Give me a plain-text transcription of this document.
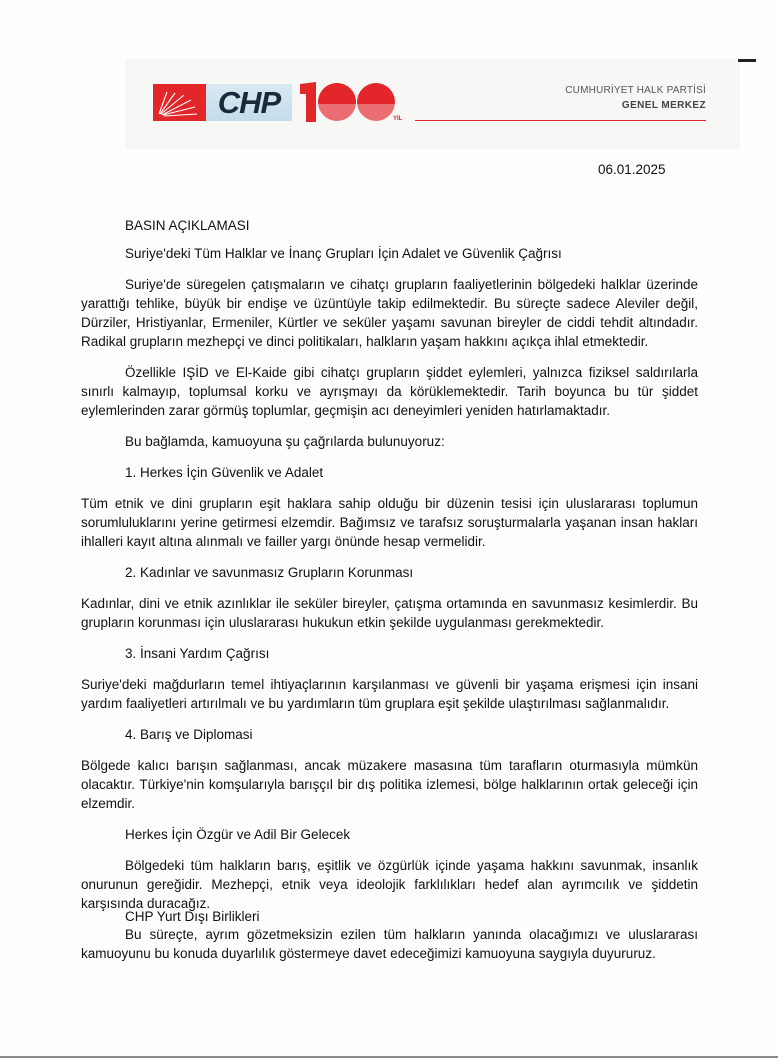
CHP	YIL
CUMHURİYET HALK PARTİSİ
GENEL MERKEZ
06.01.2025

BASIN AÇIKLAMASI

Suriye'deki Tüm Halklar ve İnanç Grupları İçin Adalet ve Güvenlik Çağrısı

Suriye'de süregelen çatışmaların ve cihatçı grupların faaliyetlerinin bölgedeki halklar üzerinde yarattığı tehlike, büyük bir endişe ve üzüntüyle takip edilmektedir. Bu süreçte sadece Aleviler değil, Dürziler, Hristiyanlar, Ermeniler, Kürtler ve seküler yaşamı savunan bireyler de ciddi tehdit altındadır. Radikal grupların mezhepçi ve dinci politikaları, halkların yaşam hakkını açıkça ihlal etmektedir.

Özellikle IŞİD ve El-Kaide gibi cihatçı grupların şiddet eylemleri, yalnızca fiziksel saldırılarla sınırlı kalmayıp, toplumsal korku ve ayrışmayı da körüklemektedir. Tarih boyunca bu tür şiddet eylemlerinden zarar görmüş toplumlar, geçmişin acı deneyimleri yeniden hatırlamaktadır.

Bu bağlamda, kamuoyuna şu çağrılarda bulunuyoruz:

1. Herkes İçin Güvenlik ve Adalet

Tüm etnik ve dini grupların eşit haklara sahip olduğu bir düzenin tesisi için uluslararası toplumun sorumluluklarını yerine getirmesi elzemdir. Bağımsız ve tarafsız soruşturmalarla yaşanan insan hakları ihlalleri kayıt altına alınmalı ve failler yargı önünde hesap vermelidir.

2. Kadınlar ve savunmasız Grupların Korunması

Kadınlar, dini ve etnik azınlıklar ile seküler bireyler, çatışma ortamında en savunmasız kesimlerdir. Bu grupların korunması için uluslararası hukukun etkin şekilde uygulanması gerekmektedir.

3. İnsani Yardım Çağrısı

Suriye'deki mağdurların temel ihtiyaçlarının karşılanması ve güvenli bir yaşama erişmesi için insani yardım faaliyetleri artırılmalı ve bu yardımların tüm gruplara eşit şekilde ulaştırılması sağlanmalıdır.

4. Barış ve Diplomasi

Bölgede kalıcı barışın sağlanması, ancak müzakere masasına tüm tarafların oturmasıyla mümkün olacaktır. Türkiye'nin komşularıyla barışçıl bir dış politika izlemesi, bölge halklarının ortak geleceği için elzemdir.

Herkes İçin Özgür ve Adil Bir Gelecek

Bölgedeki tüm halkların barış, eşitlik ve özgürlük içinde yaşama hakkını savunmak, insanlık onurunun gereğidir. Mezhepçi, etnik veya ideolojik farklılıkları hedef alan ayrımcılık ve şiddetin karşısında duracağız.

Bu süreçte, ayrım gözetmeksizin ezilen tüm halkların yanında olacağımızı ve uluslararası kamuoyunu bu konuda duyarlılık göstermeye davet edeceğimizi kamuoyuna saygıyla duyururuz.

CHP Yurt Dışı Birlikleri
